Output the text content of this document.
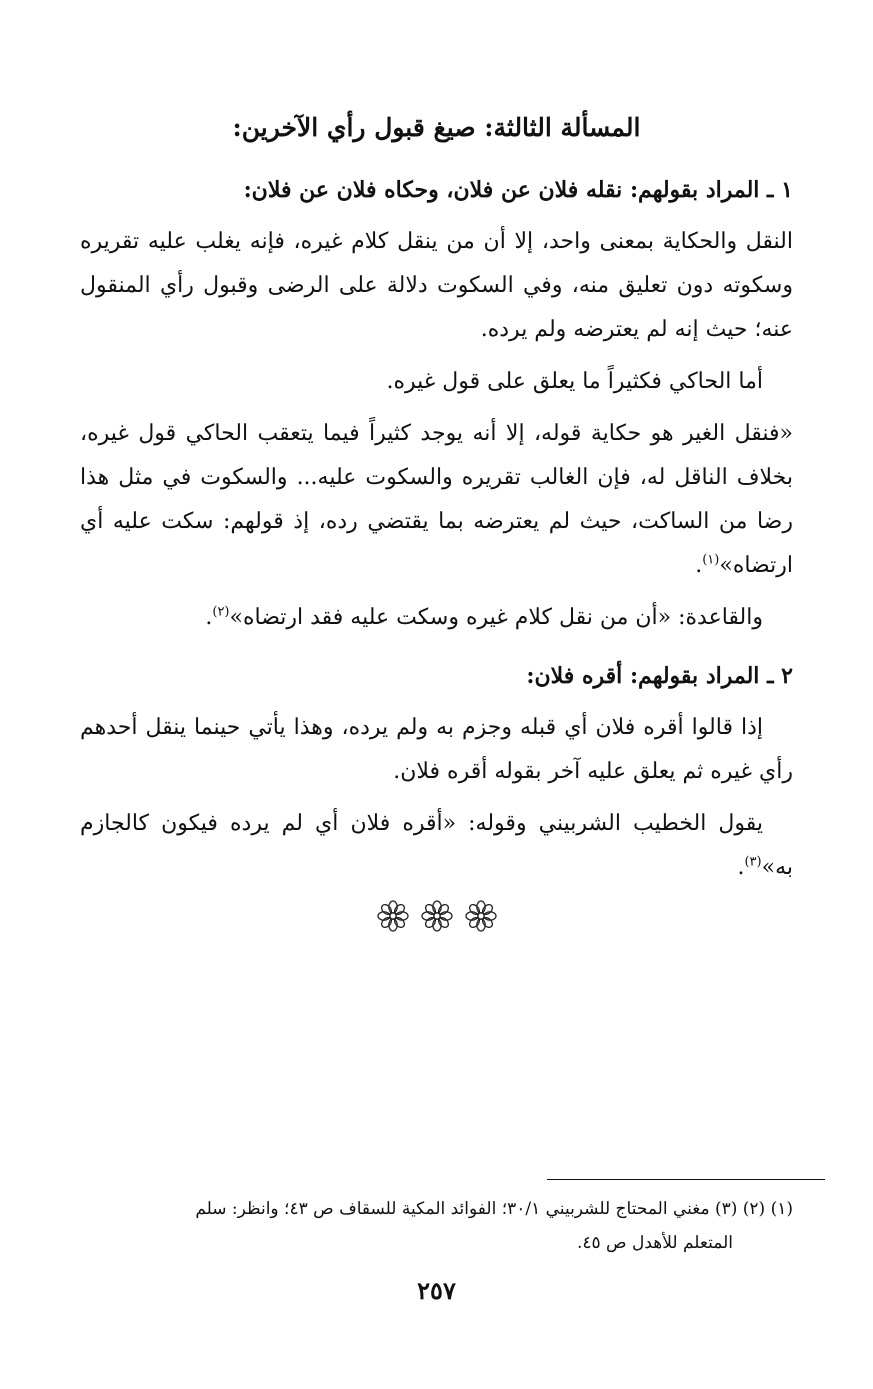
المسألة الثالثة: صيغ قبول رأي الآخرين:

١ ـ المراد بقولهم: نقله فلان عن فلان، وحكاه فلان عن فلان:

النقل والحكاية بمعنى واحد، إلا أن من ينقل كلام غيره، فإنه يغلب عليه تقريره وسكوته دون تعليق منه، وفي السكوت دلالة على الرضى وقبول رأي المنقول عنه؛ حيث إنه لم يعترضه ولم يرده.

أما الحاكي فكثيراً ما يعلق على قول غيره.

«فنقل الغير هو حكاية قوله، إلا أنه يوجد كثيراً فيما يتعقب الحاكي قول غيره، بخلاف الناقل له، فإن الغالب تقريره والسكوت عليه... والسكوت في مثل هذا رضا من الساكت، حيث لم يعترضه بما يقتضي رده، إذ قولهم: سكت عليه أي ارتضاه»$^{(١)}$.

والقاعدة: «أن من نقل كلام غيره وسكت عليه فقد ارتضاه»$^{(٢)}$.

٢ ـ المراد بقولهم: أقره فلان:

إذا قالوا أقره فلان أي قبله وجزم به ولم يرده، وهذا يأتي حينما ينقل أحدهم رأي غيره ثم يعلق عليه آخر بقوله أقره فلان.

يقول الخطيب الشربيني وقوله: «أقره فلان أي لم يرده فيكون كالجازم به»$^{(٣)}$.

(١) (٢) (٣) مغني المحتاج للشربيني ٣٠/١؛ الفوائد المكية للسقاف ص ٤٣؛ وانظر: سلم
المتعلم للأهدل ص ٤٥.
٢٥٧
